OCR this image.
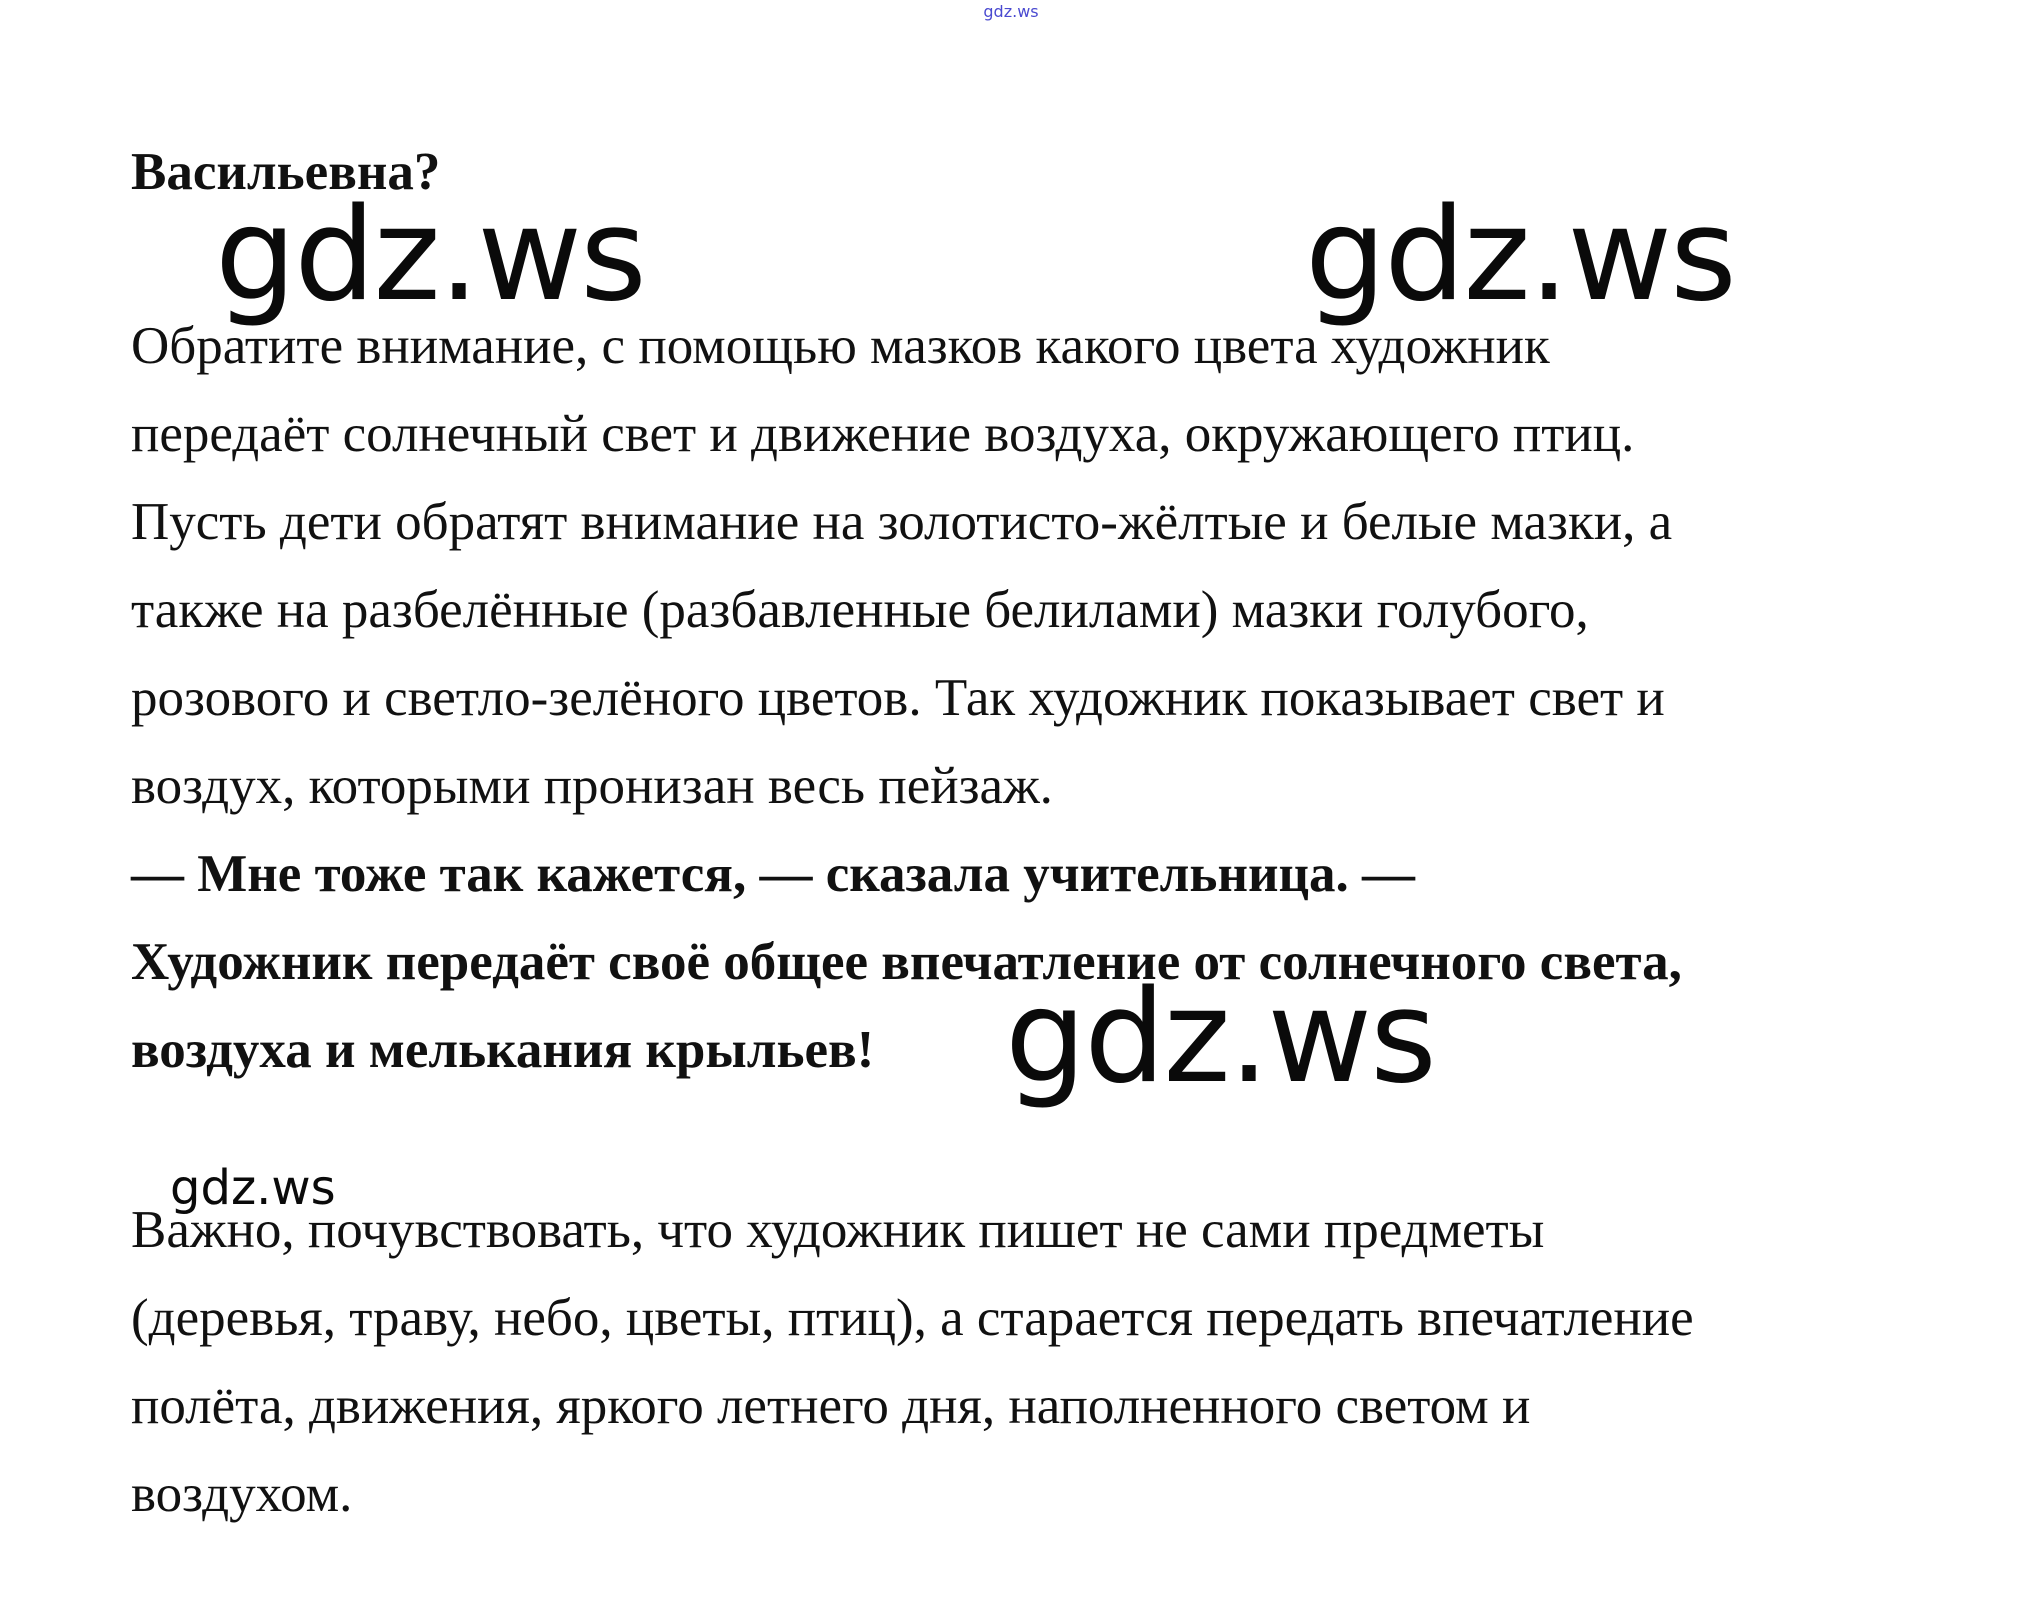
gdz.ws
Васильевна?
Обратите внимание, с помощью мазков какого цвета художник
передаёт солнечный свет и движение воздуха, окружающего птиц.
Пусть дети обратят внимание на золотисто-жёлтые и белые мазки, а
также на разбелённые (разбавленные белилами) мазки голубого,
розового и светло-зелёного цветов. Так художник показывает свет и
воздух, которыми пронизан весь пейзаж.
— Мне тоже так кажется, — сказала учительница. —
Художник передаёт своё общее впечатление от солнечного света,
воздуха и мелькания крыльев!
Важно, почувствовать, что художник пишет не сами предметы
(деревья, траву, небо, цветы, птиц), а старается передать впечатление
полёта, движения, яркого летнего дня, наполненного светом и
воздухом.
gdz.ws	gdz.ws
gdz.ws
gdz.ws
